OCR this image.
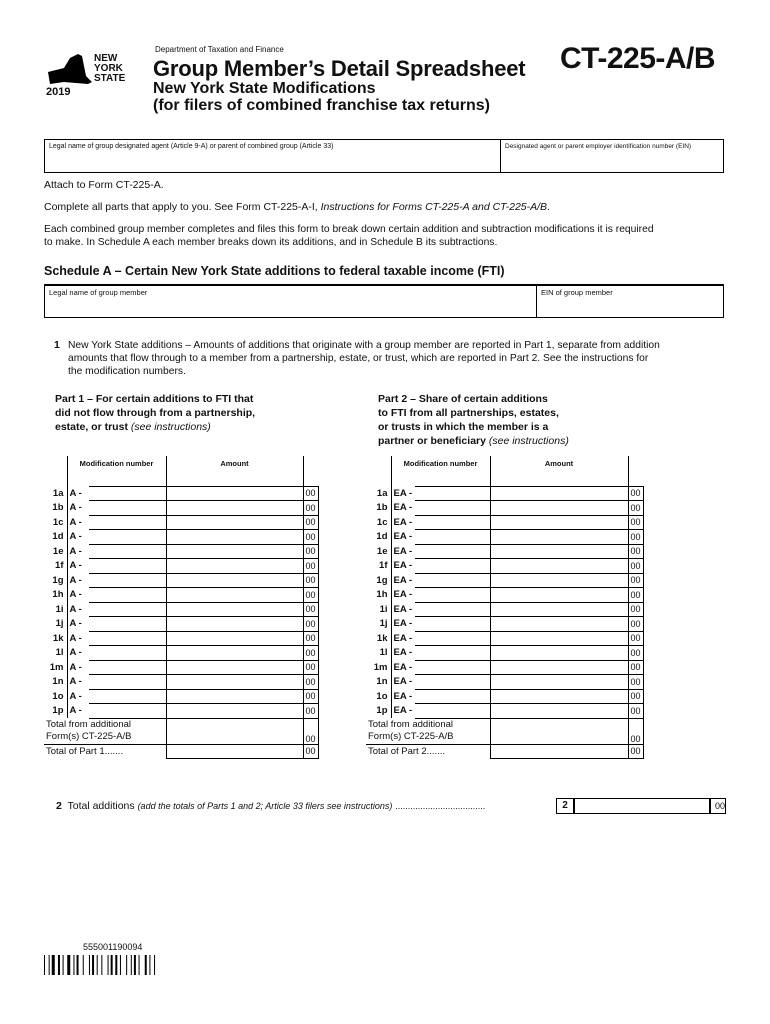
NEW
YORK
STATE
2019
Department of Taxation and Finance
Group Member’s Detail Spreadsheet
New York State Modifications
(for filers of combined franchise tax returns)
CT-225-A/B
Legal name of group designated agent (Article 9-A) or parent of combined group (Article 33)	Designated agent or parent employer identification number (EIN)
Attach to Form CT-225-A.
Complete all parts that apply to you. See Form CT-225-A-I, Instructions for Forms CT-225-A and CT-225-A/B.
Each combined group member completes and files this form to break down certain addition and subtraction modifications it is required
to make. In Schedule A each member breaks down its additions, and in Schedule B its subtractions.
Schedule A – Certain New York State additions to federal taxable income (FTI)
Legal name of group member	EIN of group member
1 New York State additions – Amounts of additions that originate with a group member are reported in Part 1, separate from addition
amounts that flow through to a member from a partnership, estate, or trust, which are reported in Part 2. See the instructions for
the modification numbers.
Part 1 – For certain additions to FTI that
did not flow through from a partnership,
estate, or trust (see instructions)
Part 2 – Share of certain additions
to FTI from all partnerships, estates,
or trusts in which the member is a
partner or beneficiary (see instructions)
	Modification number		Amount	
1a	A -			00
1b	A -			00
1c	A -			00
1d	A -			00
1e	A -			00
1f	A -			00
1g	A -			00
1h	A -			00
1i	A -			00
1j	A -			00
1k	A -			00
1l	A -			00
1m	A -			00
1n	A -			00
1o	A -			00
1p	A -			00
Total from additional Form(s) CT-225-A/B				00
Total of Part 1.......				00
	Modification number		Amount	
1a	EA -			00
1b	EA -			00
1c	EA -			00
1d	EA -			00
1e	EA -			00
1f	EA -			00
1g	EA -			00
1h	EA -			00
1i	EA -			00
1j	EA -			00
1k	EA -			00
1l	EA -			00
1m	EA -			00
1n	EA -			00
1o	EA -			00
1p	EA -			00
Total from additional Form(s) CT-225-A/B				00
Total of Part 2.......				00
2 Total additions (add the totals of Parts 1 and 2; Article 33 filers see instructions) ....................................	2	00
555001190094
